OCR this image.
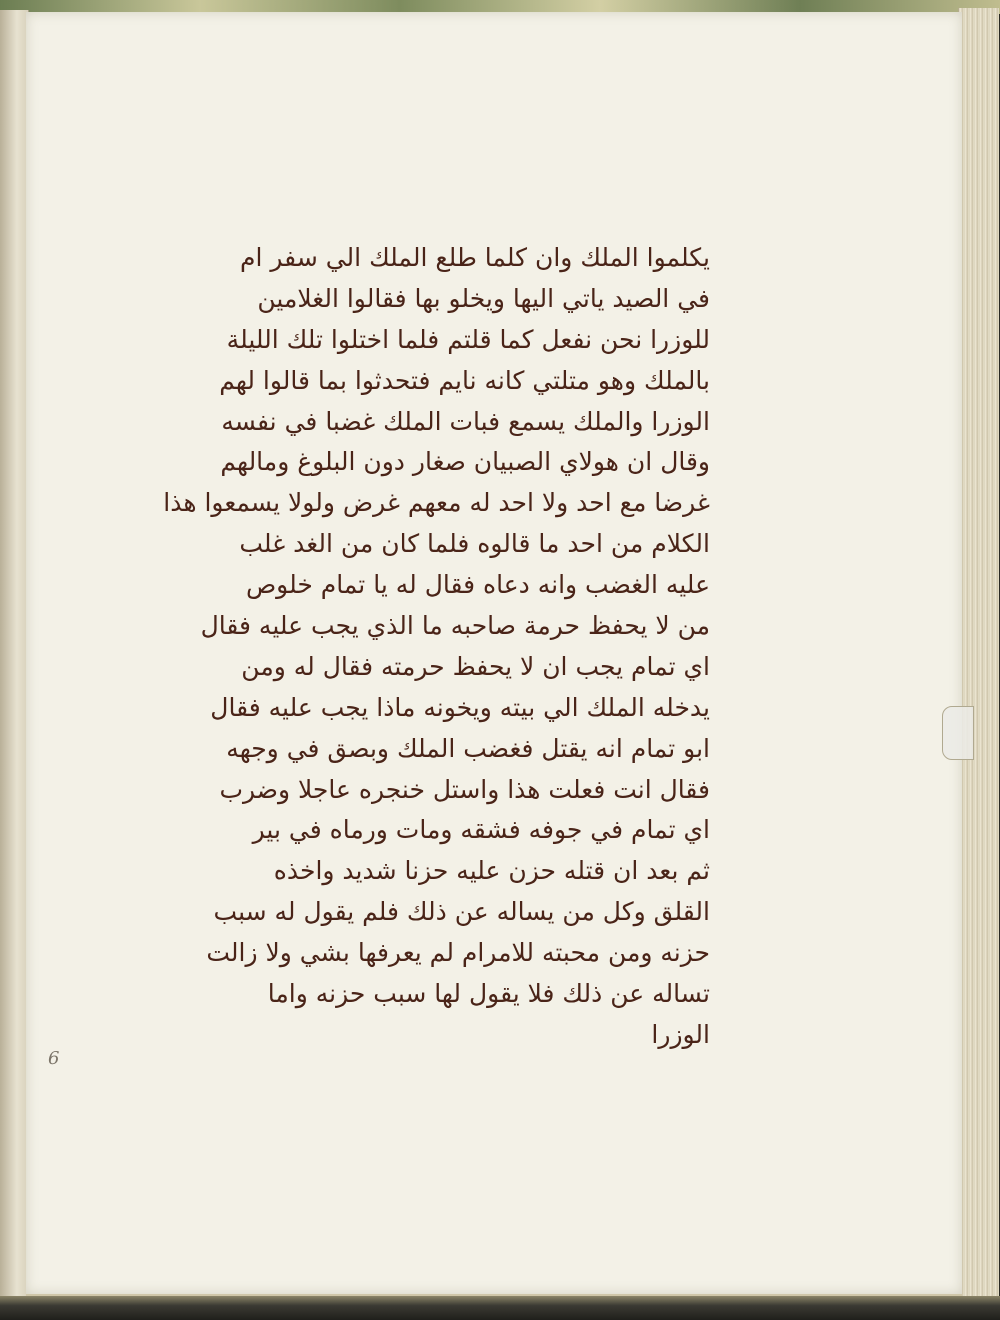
يكلموا الملك وان كلما طلع الملك الي سفر ام
في الصيد ياتي اليها ويخلو بها فقالوا الغلامين
للوزرا نحن نفعل كما قلتم فلما اختلوا تلك الليلة
بالملك وهو متلتي كانه نايم فتحدثوا بما قالوا لهم
الوزرا والملك يسمع فبات الملك غضبا في نفسه
وقال ان هولاي الصبيان صغار دون البلوغ ومالهم
غرضا مع احد ولا احد له معهم غرض ولولا يسمعوا هذا
الكلام من احد ما قالوه فلما كان من الغد غلب
عليه الغضب وانه دعاه فقال له يا تمام خلوص
من لا يحفظ حرمة صاحبه ما الذي يجب عليه فقال
اي تمام يجب ان لا يحفظ حرمته فقال له ومن
يدخله الملك الي بيته ويخونه ماذا يجب عليه فقال
ابو تمام انه يقتل فغضب الملك وبصق في وجهه
فقال انت فعلت هذا واستل خنجره عاجلا وضرب
اي تمام في جوفه فشقه ومات ورماه في بير
ثم بعد ان قتله حزن عليه حزنا شديد واخذه
القلق وكل من يساله عن ذلك فلم يقول له سبب
حزنه ومن محبته للامرام لم يعرفها بشي ولا زالت
تساله عن ذلك فلا يقول لها سبب حزنه واما
الوزرا
6
